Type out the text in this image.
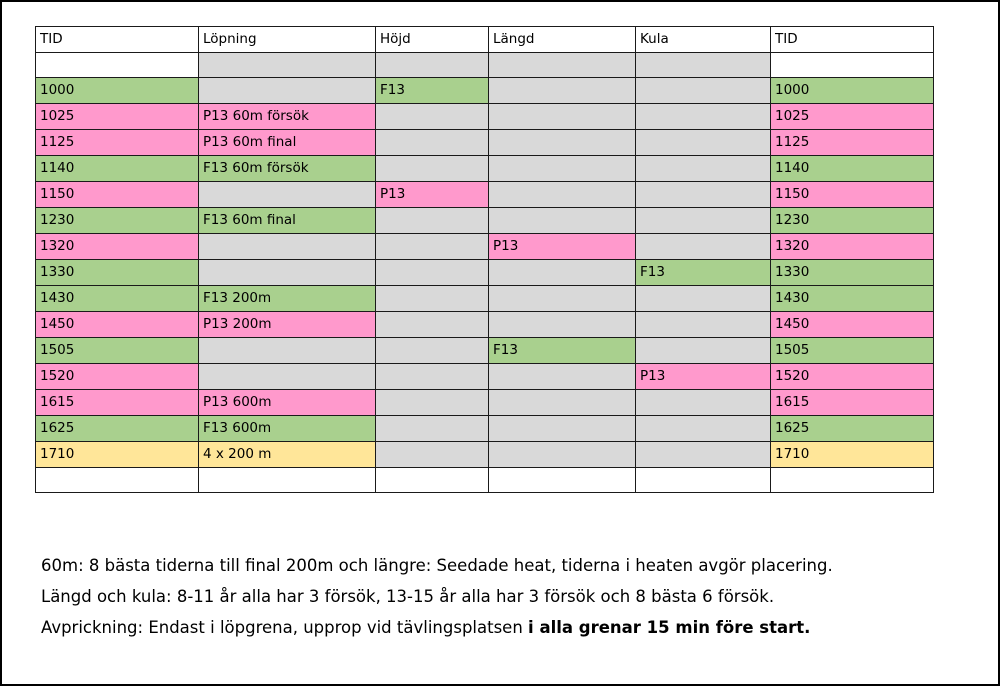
TID	Löpning	Höjd	Längd	Kula	TID

1000		F13			1000
1025	P13 60m försök				1025
1125	P13 60m final				1125
1140	F13 60m försök				1140
1150		P13			1150
1230	F13 60m final				1230
1320			P13		1320
1330				F13	1330
1430	F13 200m				1430
1450	P13 200m				1450
1505			F13		1505
1520				P13	1520
1615	P13 600m				1615
1625	F13 600m				1625
1710	4 x 200 m				1710

60m: 8 bästa tiderna till final 200m och längre: Seedade heat, tiderna i heaten avgör placering.
Längd och kula: 8-11 år alla har 3 försök, 13-15 år alla har 3 försök och 8 bästa 6 försök.
Avprickning: Endast i löpgrena, upprop vid tävlingsplatsen i alla grenar 15 min före start.
